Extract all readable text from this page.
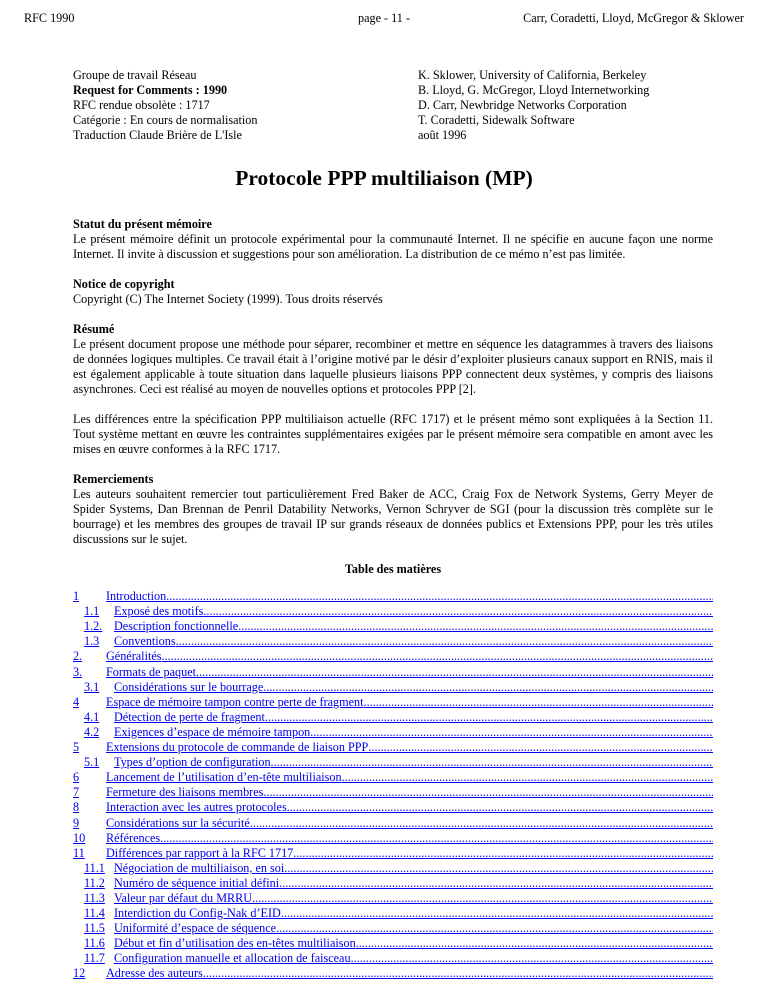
RFC 1990	page - 11 -	Carr, Coradetti, Lloyd, McGregor & Sklower
Groupe de travail Réseau
Request for Comments : 1990
RFC rendue obsolète : 1717
Catégorie : En cours de normalisation
Traduction Claude Brière de L'Isle
K. Sklower, University of California, Berkeley
B. Lloyd, G. McGregor, Lloyd Internetworking
D. Carr, Newbridge Networks Corporation
T. Coradetti, Sidewalk Software
août 1996
Protocole PPP multiliaison (MP)
Statut du présent mémoire
Le présent mémoire définit un protocole expérimental pour la communauté Internet. Il ne spécifie en aucune façon une norme Internet. Il invite à discussion et suggestions pour son amélioration. La distribution de ce mémo n’est pas limitée.
Notice de copyright
Copyright (C) The Internet Society (1999). Tous droits réservés
Résumé
Le présent document propose une méthode pour séparer, recombiner et mettre en séquence les datagrammes à travers des liaisons de données logiques multiples. Ce travail était à l’origine motivé par le désir d’exploiter plusieurs canaux support en RNIS, mais il est également applicable à toute situation dans laquelle plusieurs liaisons PPP connectent deux systèmes, y compris des liaisons asynchrones. Ceci est réalisé au moyen de nouvelles options et protocoles PPP [2].
Les différences entre la spécification PPP multiliaison actuelle (RFC 1717) et le présent mémo sont expliquées à la Section 11. Tout système mettant en œuvre les contraintes supplémentaires exigées par le présent mémoire sera compatible en amont avec les mises en œuvre conformes à la RFC 1717.
Remerciements
Les auteurs souhaitent remercier tout particulièrement Fred Baker de ACC, Craig Fox de Network Systems, Gerry Meyer de Spider Systems, Dan Brennan de Penril Datability Networks, Vernon Schryver de SGI (pour la discussion très complète sur le bourrage) et les membres des groupes de travail IP sur grands réseaux de données publics et Extensions PPP, pour les très utiles discussions sur le sujet.
Table des matières
1	Introduction
.....
1.1	Exposé des motifs
.....
1.2. Description fonctionnelle
.....
1.3	Conventions
.....
2.	Généralités
.....
3.	Formats de paquet
.....
3.1	Considérations sur le bourrage
.....
4	Espace de mémoire tampon contre perte de fragment
.....
4.1	Détection de perte de fragment
.....
4.2	Exigences d’espace de mémoire tampon
.....
5	Extensions du protocole de commande de liaison PPP
.....
5.1	Types d’option de configuration
.....
6	Lancement de l’utilisation d’en-tête multiliaison
.....
7	Fermeture des liaisons membres
.....
8	Interaction avec les autres protocoles
.....
9	Considérations sur la sécurité
.....
10	Références
.....
11	Différences par rapport à la RFC 1717
.....
11.1 Négociation de multiliaison, en soi
.....
11.2 Numéro de séquence initial défini
.....
11.3 Valeur par défaut du MRRU
.....
11.4 Interdiction du Config-Nak d’EID
.....
11.5 Uniformité d’espace de séquence
.....
11.6 Début et fin d’utilisation des en-têtes multiliaison
.....
11.7 Configuration manuelle et allocation de faisceau
.....
12	Adresse des auteurs
.....
